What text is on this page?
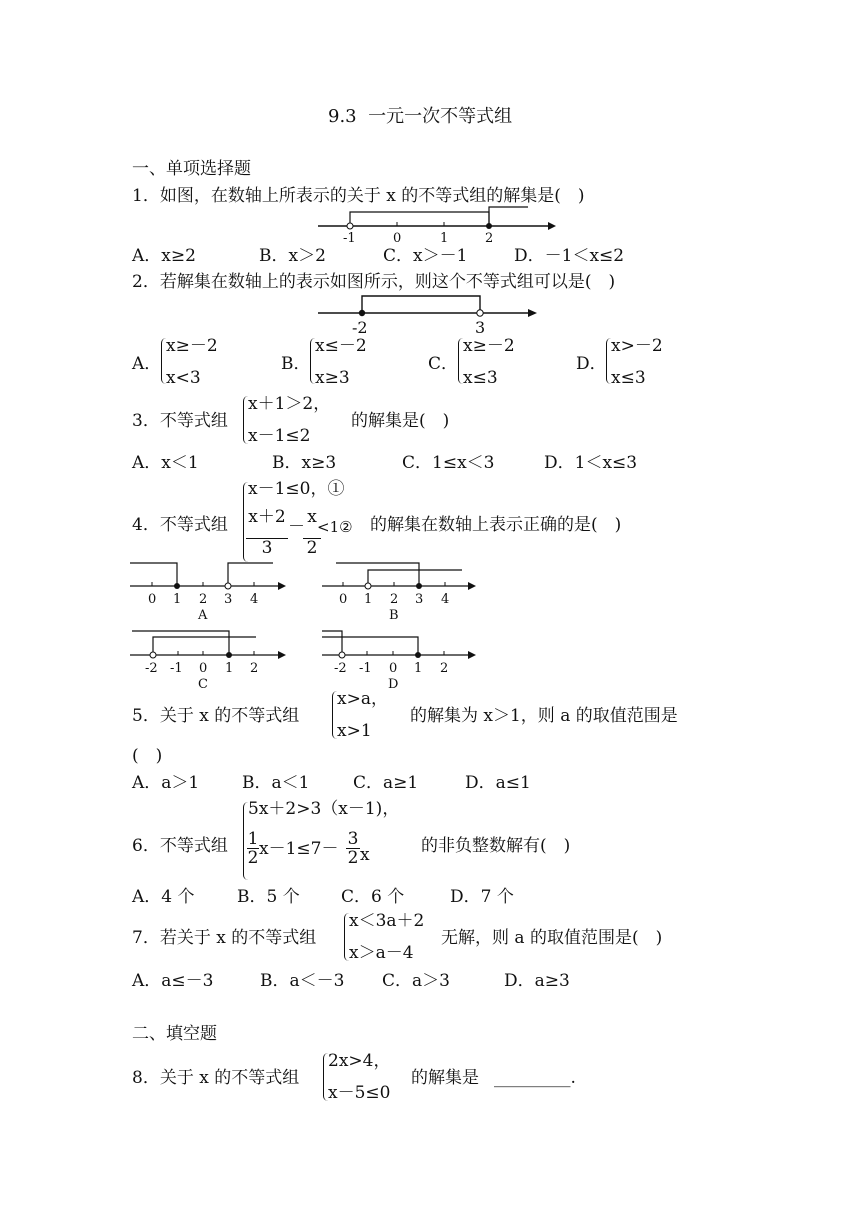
9.3  一元一次不等式组
一、单项选择题
1．如图，在数轴上所表示的关于 x 的不等式组的解集是(　)
-1	0	1	2
A．x≥2	B．x＞2	C．x＞－1	D．－1＜x≤2
2．若解集在数轴上的表示如图所示，则这个不等式组可以是(　)
-2	3
A．
x≥－2
x<3
B．
x≤－2
x≥3
C．
x≥－2
x≤3
D．
x>－2
x≤3
3．不等式组
x＋1＞2，
x－1≤2
的解集是(　)
A．x＜1	B．x≥3	C．1≤x＜3	D．1＜x≤3
4．不等式组
x－1≤0，①
$\frac{x+2}{3}$ －
$\frac{x}{2}$
<1② 的解集在数轴上表示正确的是(　)
0 1 2 3 4
A
0 1 2 3 4
B
-2 -1 0 1 2
C
-2 -1 0 1 2
D
5．关于 x 的不等式组
x>a，
x>1
的解集为 x＞1，则 a 的取值范围是
(　)
A．a＞1	B．a＜1	C．a≥1	D．a≤1
6．不等式组
5x＋2>3（x－1)，
$\frac{1}{2} x-1\le 7- \frac{3}{2}$ x	的非负整数解有(　)
A．4 个	B．5 个 C．6 个	D．7 个
7．若关于 x 的不等式组
x＜3a＋2
x＞a－4
无解，则 a 的取值范围是(　)
A．a≤－3	B．a＜－3 C．a＞3	D．a≥3
二、填空题
8．关于 x 的不等式组
2x>4，
x－5≤0
的解集是 _________.
